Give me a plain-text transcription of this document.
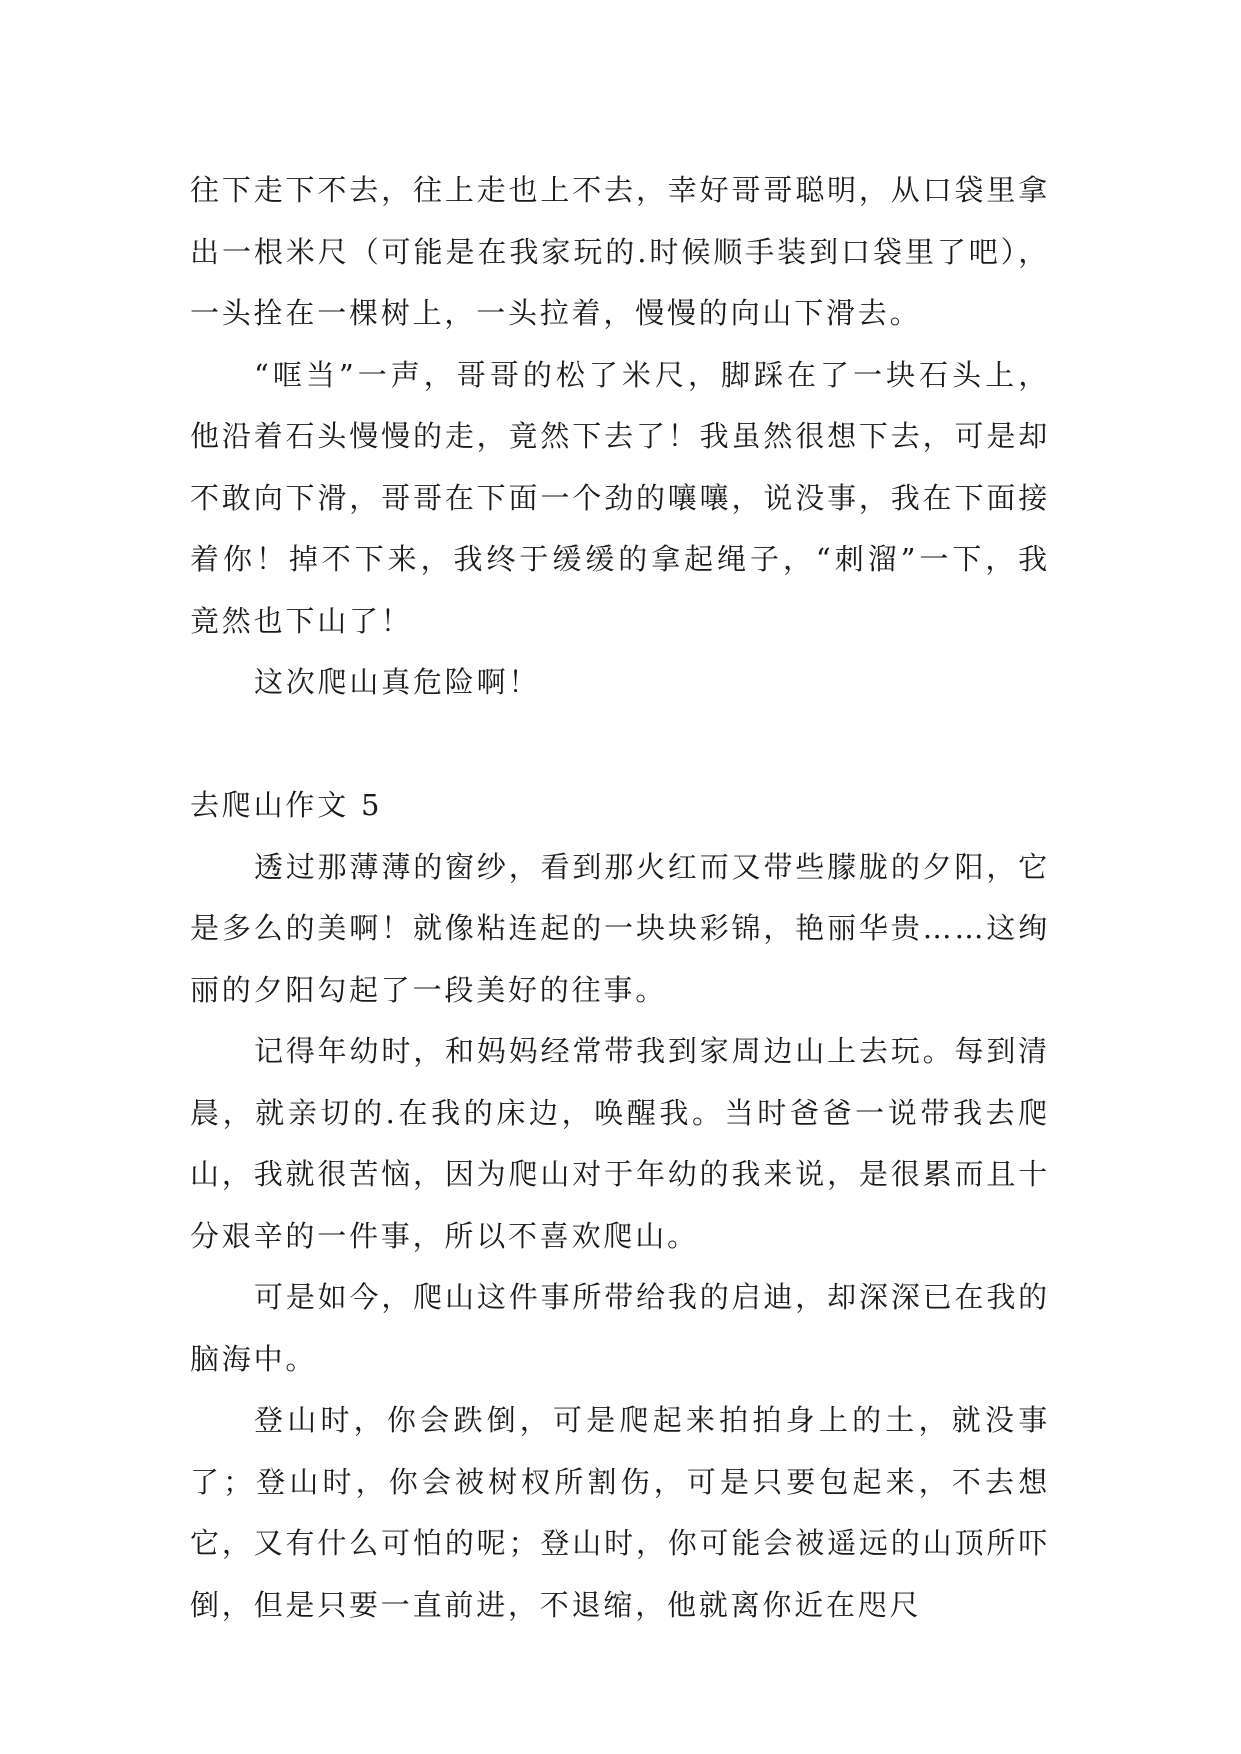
往下走下不去，往上走也上不去，幸好哥哥聪明，从口袋里拿出一根米尺（可能是在我家玩的.时候顺手装到口袋里了吧），一头拴在一棵树上，一头拉着，慢慢的向山下滑去。

“哐当”一声，哥哥的松了米尺，脚踩在了一块石头上，他沿着石头慢慢的走，竟然下去了！我虽然很想下去，可是却不敢向下滑，哥哥在下面一个劲的嚷嚷，说没事，我在下面接着你！掉不下来，我终于缓缓的拿起绳子，“刺溜”一下，我竟然也下山了！

这次爬山真危险啊！

去爬山作文 5

透过那薄薄的窗纱，看到那火红而又带些朦胧的夕阳，它是多么的美啊！就像粘连起的一块块彩锦，艳丽华贵……这绚丽的夕阳勾起了一段美好的往事。

记得年幼时，和妈妈经常带我到家周边山上去玩。每到清晨，就亲切的.在我的床边，唤醒我。当时爸爸一说带我去爬山，我就很苦恼，因为爬山对于年幼的我来说，是很累而且十分艰辛的一件事，所以不喜欢爬山。

可是如今，爬山这件事所带给我的启迪，却深深已在我的脑海中。

登山时，你会跌倒，可是爬起来拍拍身上的土，就没事了；登山时，你会被树杈所割伤，可是只要包起来，不去想它，又有什么可怕的呢；登山时，你可能会被遥远的山顶所吓倒，但是只要一直前进，不退缩，他就离你近在咫尺
